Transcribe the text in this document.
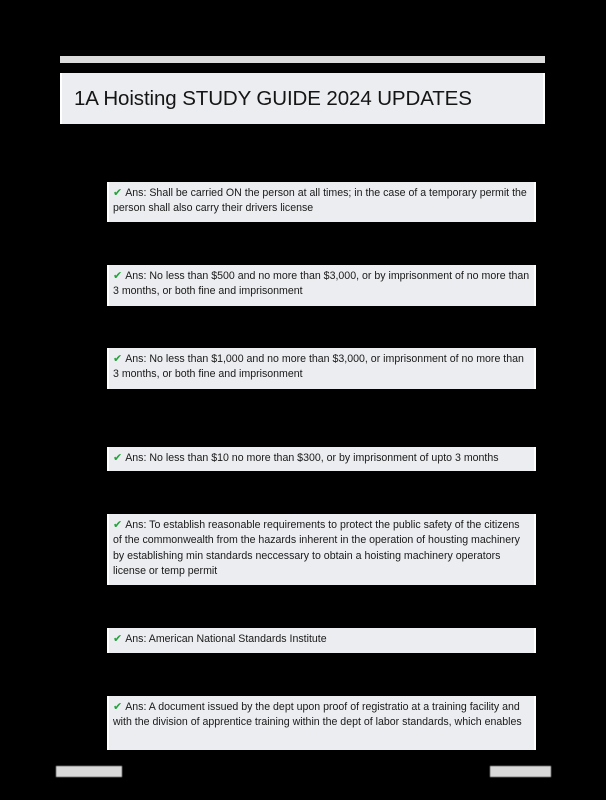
1A Hoisting STUDY GUIDE 2024 UPDATES
✔ Ans: Shall be carried ON the person at all times; in the case of a temporary permit the person shall also carry their drivers license
✔ Ans: No less than $500 and no more than $3,000, or by imprisonment of no more than 3 months, or both fine and imprisonment
✔ Ans: No less than $1,000 and no more than $3,000, or imprisonment of no more than 3 months, or both fine and imprisonment
✔ Ans: No less than $10 no more than $300, or by imprisonment of upto 3 months
✔ Ans: To establish reasonable requirements to protect the public safety of the citizens of the commonwealth from the hazards inherent in the operation of housting machinery by establishing min standards neccessary to obtain a hoisting machinery operators license or temp permit
✔ Ans: American National Standards Institute
✔ Ans: A document issued by the dept upon proof of registratio at a training facility and with the division of apprentice training within the dept of labor standards, which enables
